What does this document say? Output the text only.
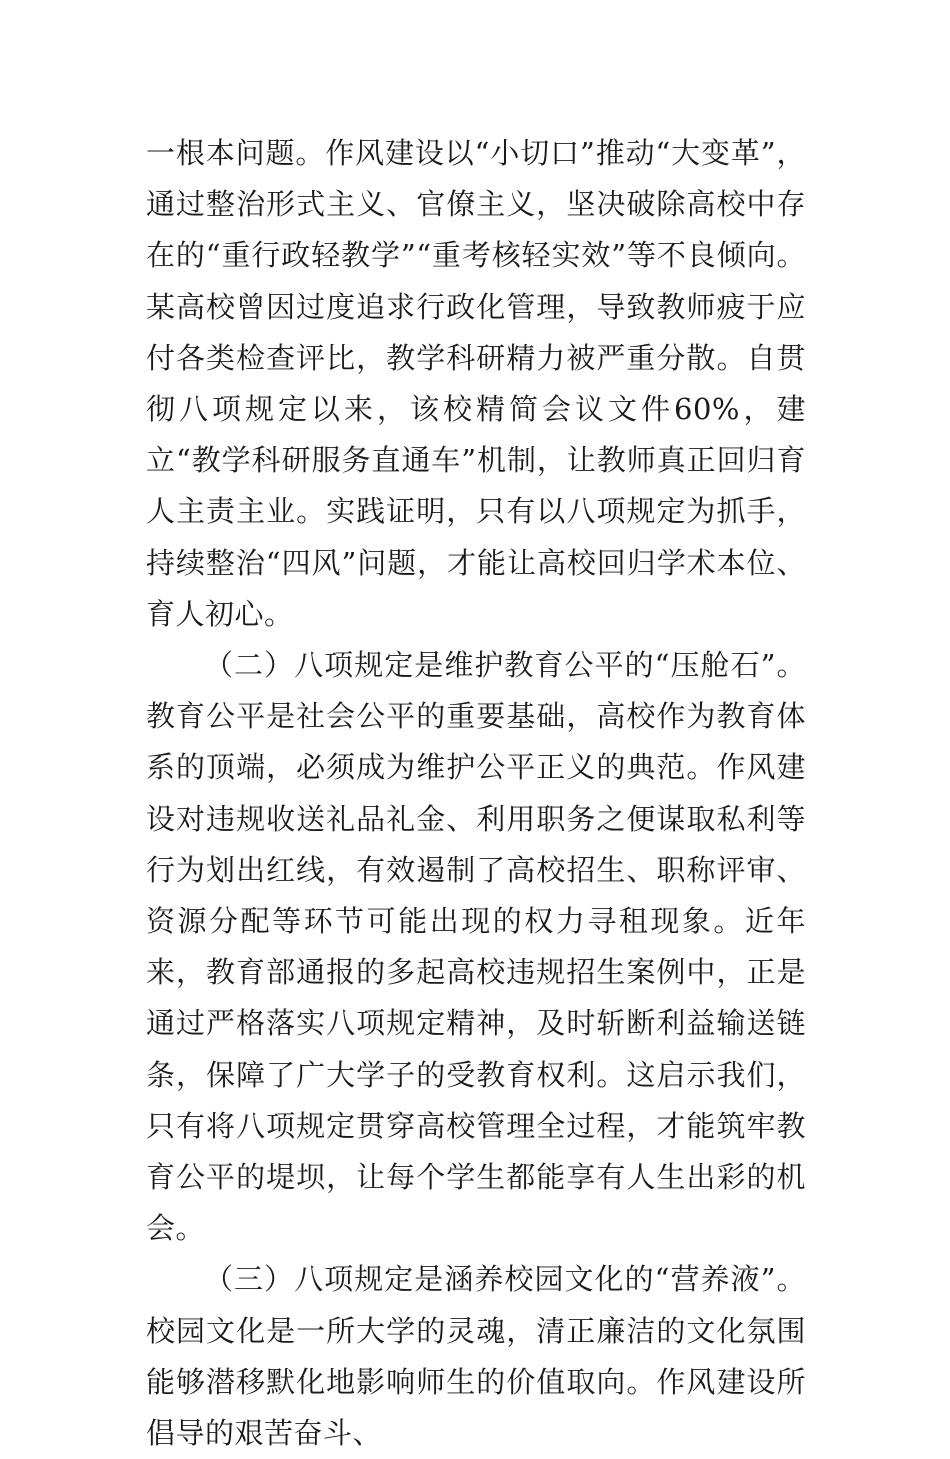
一根本问题。作风建设以“小切口”推动“大变革”，通过整治形式主义、官僚主义，坚决破除高校中存在的“重行政轻教学”“重考核轻实效”等不良倾向。某高校曾因过度追求行政化管理，导致教师疲于应付各类检查评比，教学科研精力被严重分散。自贯彻八项规定以来，该校精简会议文件60%，建立“教学科研服务直通车”机制，让教师真正回归育人主责主业。实践证明，只有以八项规定为抓手，持续整治“四风”问题，才能让高校回归学术本位、育人初心。

（二）八项规定是维护教育公平的“压舱石”。教育公平是社会公平的重要基础，高校作为教育体系的顶端，必须成为维护公平正义的典范。作风建设对违规收送礼品礼金、利用职务之便谋取私利等行为划出红线，有效遏制了高校招生、职称评审、资源分配等环节可能出现的权力寻租现象。近年来，教育部通报的多起高校违规招生案例中，正是通过严格落实八项规定精神，及时斩断利益输送链条，保障了广大学子的受教育权利。这启示我们，只有将八项规定贯穿高校管理全过程，才能筑牢教育公平的堤坝，让每个学生都能享有人生出彩的机会。

（三）八项规定是涵养校园文化的“营养液”。校园文化是一所大学的灵魂，清正廉洁的文化氛围能够潜移默化地影响师生的价值取向。作风建设所倡导的艰苦奋斗、
